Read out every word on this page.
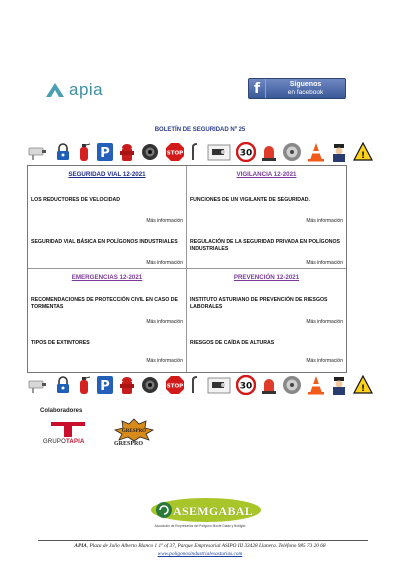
apia	f	Síguenos
en facebook
BOLETÍN DE SEGURIDAD Nº 25
P	STOP	30	!
SEGURIDAD VIAL 12-2021
LOS REDUCTORES DE VELOCIDAD
Más información
SEGURIDAD VIAL BÁSICA EN POLÍGONOS INDUSTRIALES
Más información
VIGILANCIA 12-2021
FUNCIONES DE UN VIGILANTE DE SEGURIDAD.
Más información
REGULACIÓN DE LA SEGURIDAD PRIVADA EN POLÍGONOS INDUSTRIALES
Más información
EMERGENCIAS 12-2021
RECOMENDACIONES DE PROTECCIÓN CIVIL EN CASO DE TORMENTAS
Más información
TIPOS DE EXTINTORES
Más información
PREVENCIÓN 12-2021
INSTITUTO ASTURIANO DE PREVENCIÓN DE RIESGOS LABORALES
Más información
RIESGOS DE CAÍDA DE ALTURAS
Más información
P	STOP	30	!
Colaboradores
GRUPOTAPIA
GRESPRO
GRESPRO
ASEMGABAL
Asociación de Empresarios del Polígono Monte Galaz y Bobiglió
APIA, Plaza de Julio Alberto Blanco 1 1º of 37, Parque Empresarial ASIPO III 33428 Llanera. Teléfono 985 73 20 68
www.poligonosindustrialesasturias.com
